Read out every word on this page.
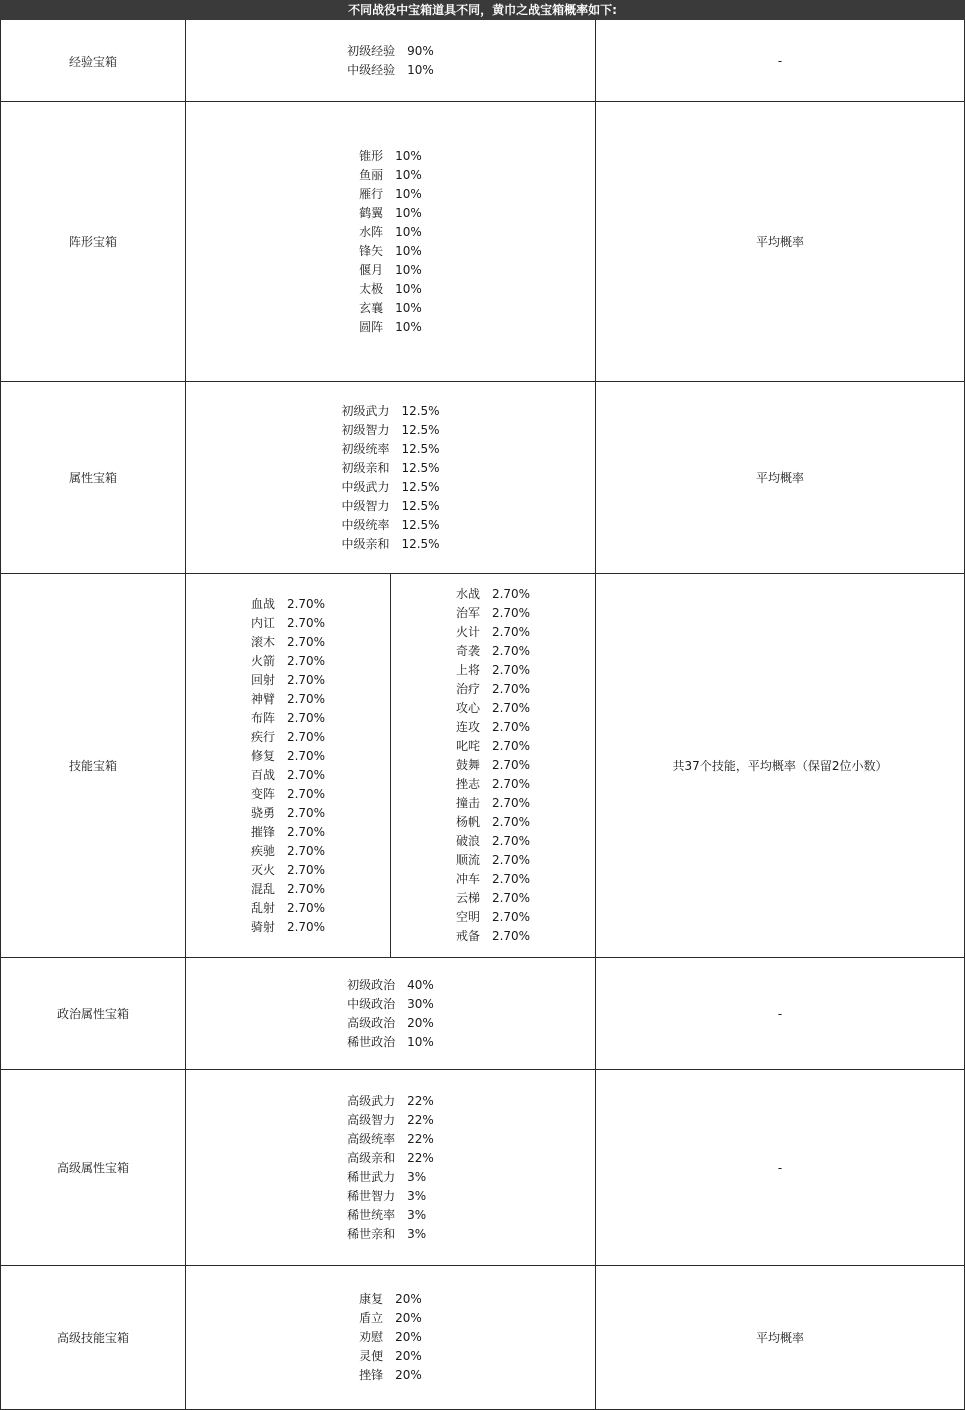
不同战役中宝箱道具不同，黄巾之战宝箱概率如下:
经验宝箱
初级经验 90%
中级经验 10%
-
阵形宝箱
锥形 10%
鱼丽 10%
雁行 10%
鹤翼 10%
水阵 10%
锋矢 10%
偃月 10%
太极 10%
玄襄 10%
圆阵 10%
平均概率
属性宝箱
初级武力 12.5%
初级智力 12.5%
初级统率 12.5%
初级亲和 12.5%
中级武力 12.5%
中级智力 12.5%
中级统率 12.5%
中级亲和 12.5%
平均概率
技能宝箱
血战 2.70%
内讧 2.70%
滚木 2.70%
火箭 2.70%
回射 2.70%
神臂 2.70%
布阵 2.70%
疾行 2.70%
修复 2.70%
百战 2.70%
变阵 2.70%
骁勇 2.70%
摧锋 2.70%
疾驰 2.70%
灭火 2.70%
混乱 2.70%
乱射 2.70%
骑射 2.70%
水战 2.70%
治军 2.70%
火计 2.70%
奇袭 2.70%
上将 2.70%
治疗 2.70%
攻心 2.70%
连攻 2.70%
叱咤 2.70%
鼓舞 2.70%
挫志 2.70%
撞击 2.70%
杨帆 2.70%
破浪 2.70%
顺流 2.70%
冲车 2.70%
云梯 2.70%
空明 2.70%
戒备 2.70%
共37个技能，平均概率（保留2位小数）
政治属性宝箱
初级政治 40%
中级政治 30%
高级政治 20%
稀世政治 10%
-
高级属性宝箱
高级武力 22%
高级智力 22%
高级统率 22%
高级亲和 22%
稀世武力 3%
稀世智力 3%
稀世统率 3%
稀世亲和 3%
-
高级技能宝箱
康复 20%
盾立 20%
劝慰 20%
灵便 20%
挫锋 20%
平均概率
